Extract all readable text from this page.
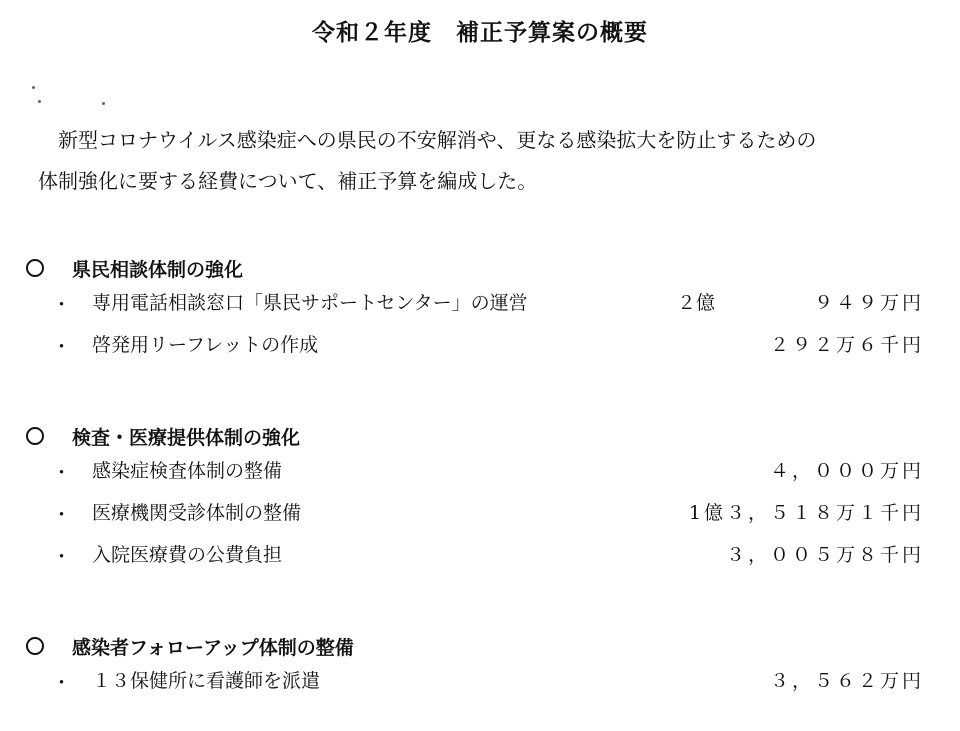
令和２年度　補正予算案の概要
新型コロナウイルス感染症への県民の不安解消や、更なる感染拡大を防止するための
体制強化に要する経費について、補正予算を編成した。
県民相談体制の強化
・ 専用電話相談窓口「県民サポートセンター」の運営	２億	９４９万円
・ 啓発用リーフレットの作成	２９２万６千円
検査・医療提供体制の強化
・ 感染症検査体制の整備	４，０００万円
・ 医療機関受診体制の整備	1億３，５１８万１千円
・ 入院医療費の公費負担	３，００５万８千円
感染者フォローアップ体制の整備
・ １３保健所に看護師を派遣	３，５６２万円
